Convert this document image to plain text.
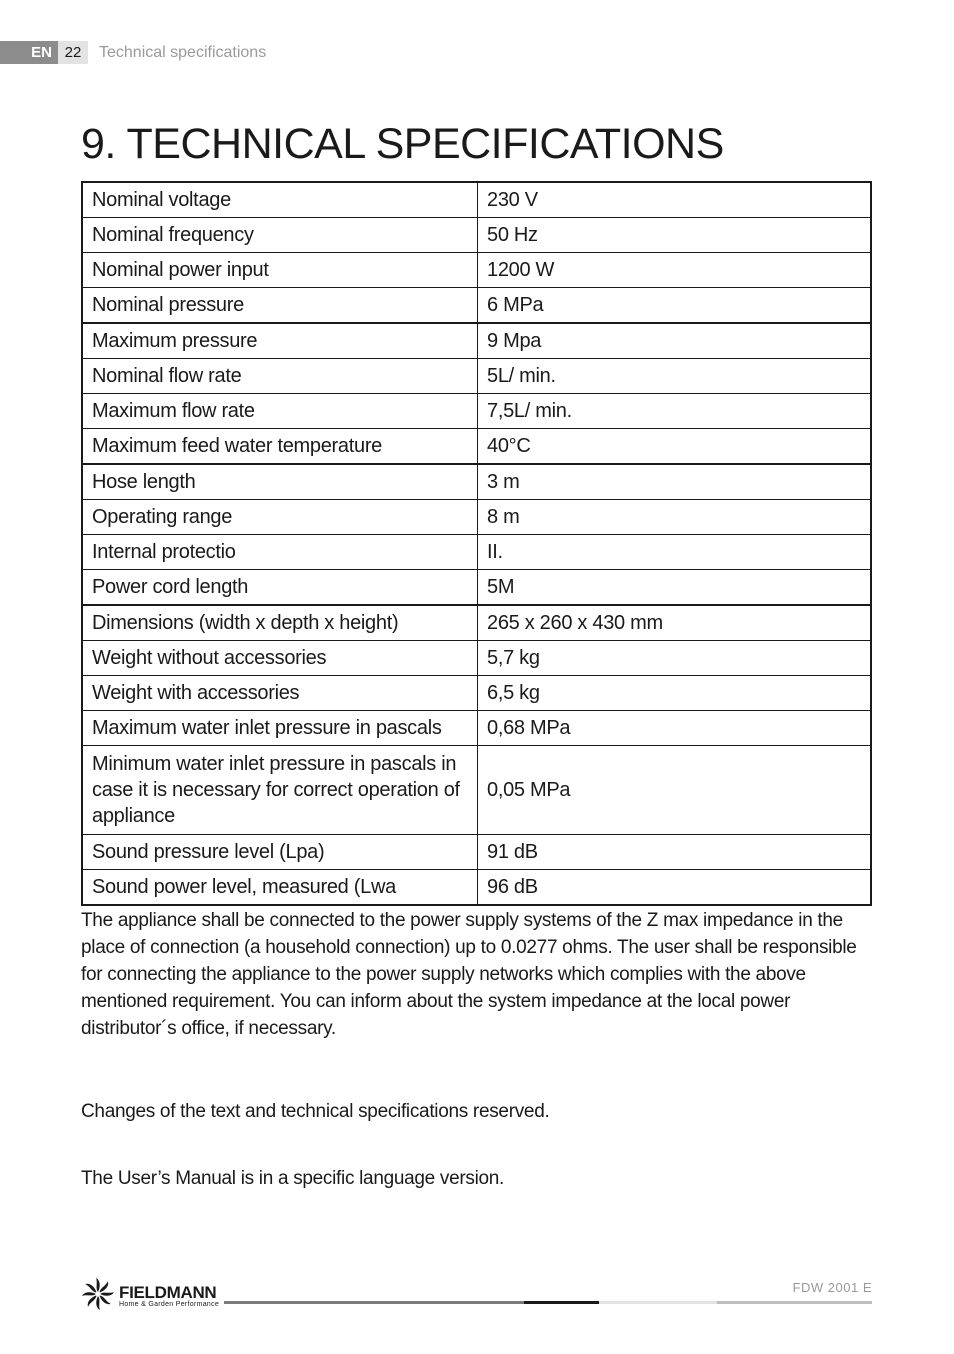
EN 22	Technical specifications
9. TECHNICAL SPECIFICATIONS
Nominal voltage	230 V
Nominal frequency	50 Hz
Nominal power input	1200 W
Nominal pressure	6 MPa
Maximum pressure	9 Mpa
Nominal flow rate	5L/ min.
Maximum flow rate	7,5L/ min.
Maximum feed water temperature	40°C
Hose length	3 m
Operating range	8 m
Internal protectio	II.
Power cord length	5M
Dimensions (width x depth x height)	265 x 260 x 430 mm
Weight without accessories	5,7 kg
Weight with accessories	6,5 kg
Maximum water inlet pressure in pascals	0,68 MPa
Minimum water inlet pressure in pascals in case it is necessary for correct operation of appliance	0,05 MPa
Sound pressure level (Lpa)	91 dB
Sound power level, measured (Lwa	96 dB

The appliance shall be connected to the power supply systems of the Z max impedance in the place of connection (a household connection) up to 0.0277 ohms. The user shall be responsible for connecting the appliance to the power supply networks which complies with the above mentioned requirement. You can inform about the system impedance at the local power distributor´s office, if necessary.

Changes of the text and technical specifications reserved.

The User’s Manual is in a specific language version.

FIELDMANN
Home & Garden Performance
FDW 2001 E
